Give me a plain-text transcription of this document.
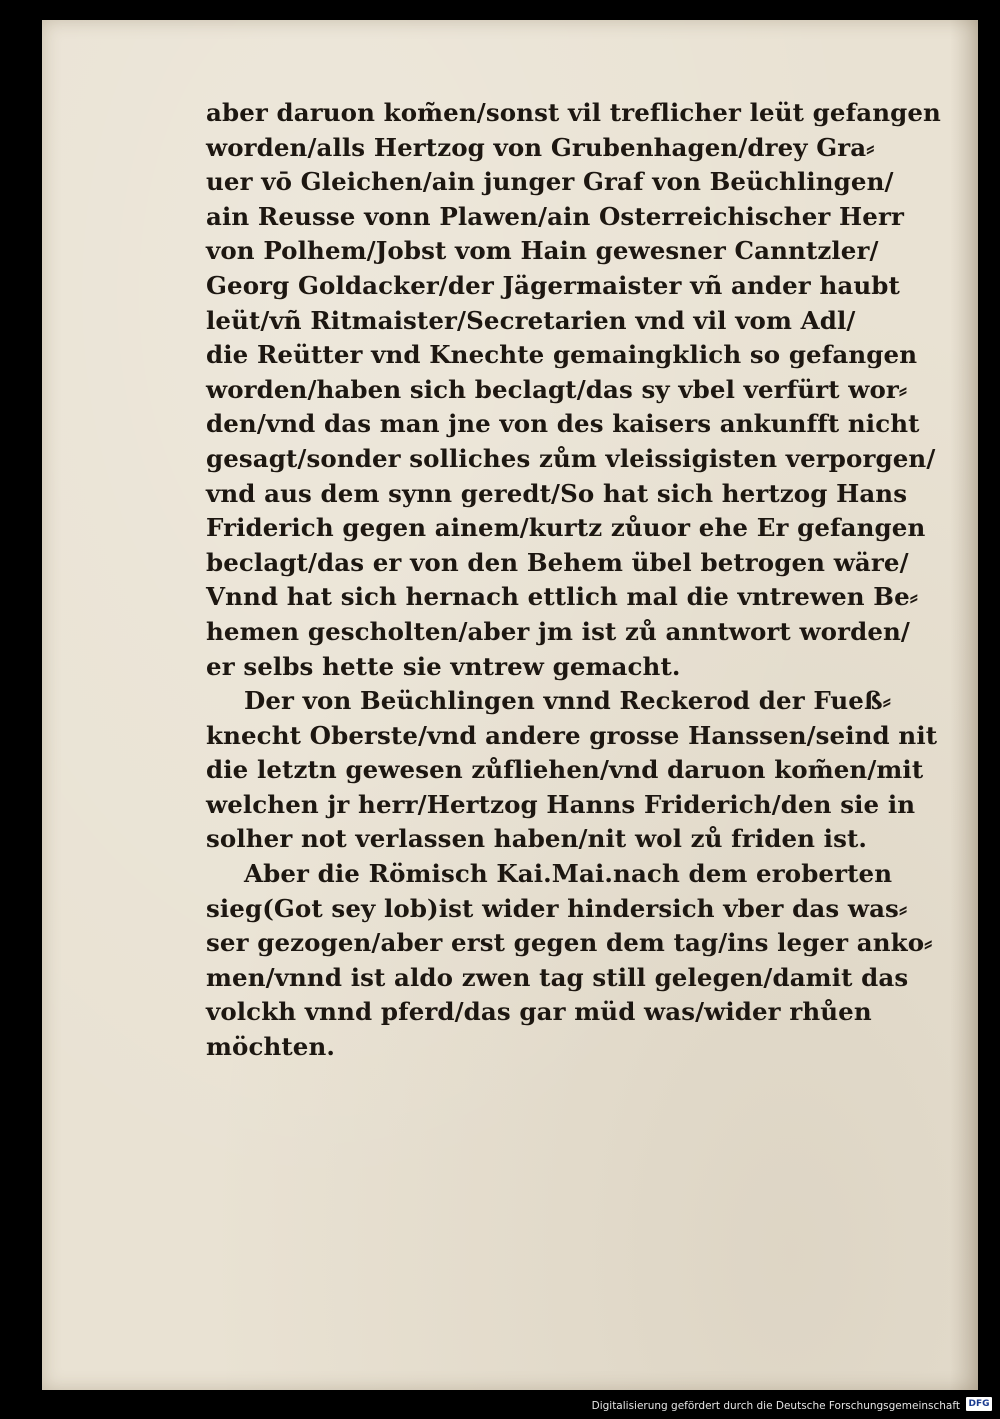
aber daruon kom̃en/sonst vil treflicher leüt gefangen
worden/alls Hertzog von Grubenhagen/drey Gra⸗
uer vō Gleichen/ain junger Graf von Beüchlingen/
ain Reusse vonn Plawen/ain Osterreichischer Herr
von Polhem/Jobst vom Hain gewesner Canntzler/
Georg Goldacker/der Jägermaister vñ ander haubt
leüt/vñ Ritmaister/Secretarien vnd vil vom Adl/
die Reütter vnd Knechte gemaingklich so gefangen
worden/haben sich beclagt/das sy vbel verfürt wor⸗
den/vnd das man jne von des kaisers ankunfft nicht
gesagt/sonder solliches zům vleissigisten verporgen/
vnd aus dem synn geredt/So hat sich hertzog Hans
Friderich gegen ainem/kurtz zůuor ehe Er gefangen
beclagt/das er von den Behem übel betrogen wäre/
Vnnd hat sich hernach ettlich mal die vntrewen Be⸗
hemen gescholten/aber jm ist zů anntwort worden/
er selbs hette sie vntrew gemacht.
Der von Beüchlingen vnnd Reckerod der Fueß⸗
knecht Oberste/vnd andere grosse Hanssen/seind nit
die letztn gewesen zůfliehen/vnd daruon kom̃en/mit
welchen jr herr/Hertzog Hanns Friderich/den sie in
solher not verlassen haben/nit wol zů friden ist.
Aber die Römisch Kai.Mai.nach dem eroberten
sieg(Got sey lob)ist wider hindersich vber das was⸗
ser gezogen/aber erst gegen dem tag/ins leger anko⸗
men/vnnd ist aldo zwen tag still gelegen/damit das
volckh vnnd pferd/das gar müd was/wider rhůen
möchten.
Digitalisierung gefördert durch die Deutsche Forschungsgemeinschaft DFG
